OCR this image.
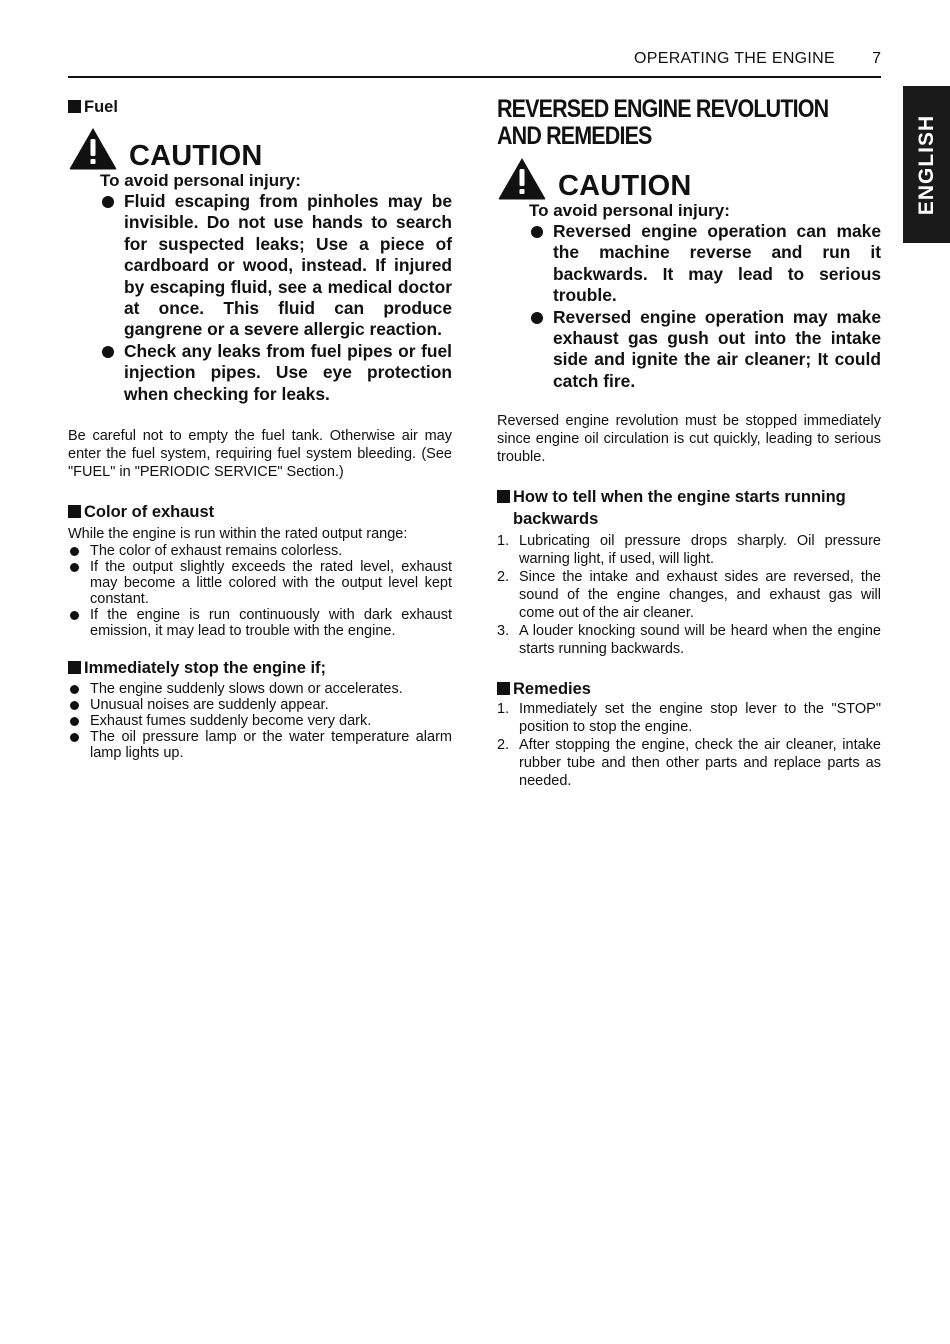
OPERATING THE ENGINE 7
ENGLISH
Fuel
CAUTION
To avoid personal injury:
Fluid escaping from pinholes may be invisible. Do not use hands to search for suspected leaks; Use a piece of cardboard or wood, instead. If injured by escaping fluid, see a medical doctor at once. This fluid can produce gangrene or a severe allergic reaction.
Check any leaks from fuel pipes or fuel injection pipes. Use eye protection when checking for leaks.

Be careful not to empty the fuel tank. Otherwise air may enter the fuel system, requiring fuel system bleeding. (See "FUEL" in "PERIODIC SERVICE" Section.)

Color of exhaust

While the engine is run within the rated output range:

The color of exhaust remains colorless.
If the output slightly exceeds the rated level, exhaust may become a little colored with the output level kept constant.
If the engine is run continuously with dark exhaust emission, it may lead to trouble with the engine.
Immediately stop the engine if;
The engine suddenly slows down or accelerates.
Unusual noises are suddenly appear.
Exhaust fumes suddenly become very dark.
The oil pressure lamp or the water temperature alarm lamp lights up.
REVERSED ENGINE REVOLUTION AND REMEDIES
CAUTION
To avoid personal injury:
Reversed engine operation can make the machine reverse and run it backwards. It may lead to serious trouble.
Reversed engine operation may make exhaust gas gush out into the intake side and ignite the air cleaner; It could catch fire.

Reversed engine revolution must be stopped immediately since engine oil circulation is cut quickly, leading to serious trouble.

How to tell when the engine starts running backwards
1. Lubricating oil pressure drops sharply. Oil pressure warning light, if used, will light.
2. Since the intake and exhaust sides are reversed, the sound of the engine changes, and exhaust gas will come out of the air cleaner.
3. A louder knocking sound will be heard when the engine starts running backwards.
Remedies
1. Immediately set the engine stop lever to the "STOP" position to stop the engine.
2. After stopping the engine, check the air cleaner, intake rubber tube and then other parts and replace parts as needed.
